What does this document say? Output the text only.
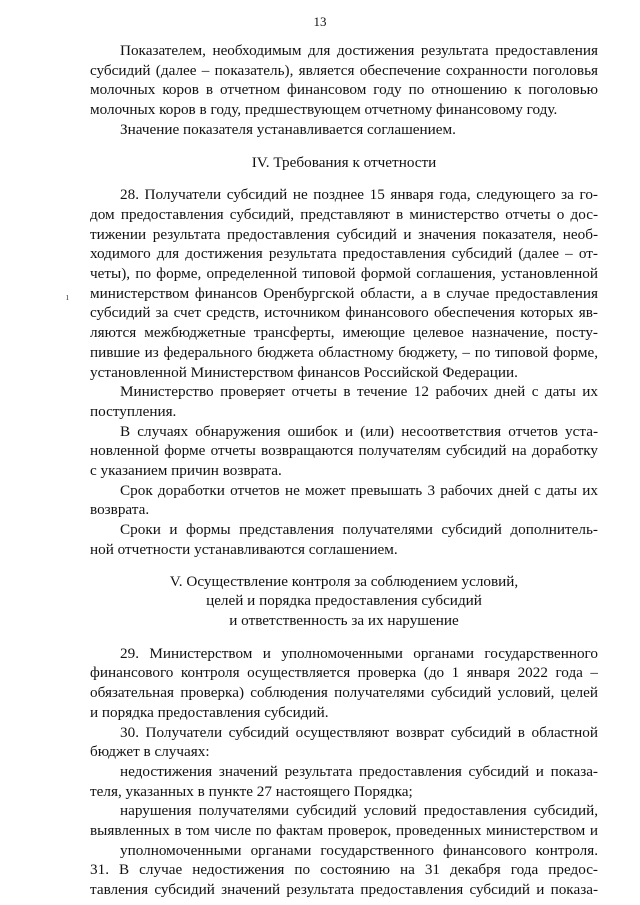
13
ı
Показателем, необходимым для достижения результата предоставления
субсидий (далее – показатель), является обеспечение сохранности поголовья
молочных коров в отчетном финансовом году по отношению к поголовью
молочных коров в году, предшествующем отчетному финансовому году.
Значение показателя устанавливается соглашением.
IV. Требования к отчетности
28. Получатели субсидий не позднее 15 января года, следующего за го-
дом предоставления субсидий, представляют в министерство отчеты о дос-
тижении результата предоставления субсидий и значения показателя, необ-
ходимого для достижения результата предоставления субсидий (далее – от-
четы), по форме, определенной типовой формой соглашения, установленной
министерством финансов Оренбургской области, а в случае предоставления
субсидий за счет средств, источником финансового обеспечения которых яв-
ляются межбюджетные трансферты, имеющие целевое назначение, посту-
пившие из федерального бюджета областному бюджету, – по типовой форме,
установленной Министерством финансов Российской Федерации.
Министерство проверяет отчеты в течение 12 рабочих дней с даты их
поступления.
В случаях обнаружения ошибок и (или) несоответствия отчетов уста-
новленной форме отчеты возвращаются получателям субсидий на доработку
с указанием причин возврата.
Срок доработки отчетов не может превышать 3 рабочих дней с даты их
возврата.
Сроки и формы представления получателями субсидий дополнитель-
ной отчетности устанавливаются соглашением.
V. Осуществление контроля за соблюдением условий,
целей и порядка предоставления субсидий
и ответственность за их нарушение
29. Министерством и уполномоченными органами государственного
финансового контроля осуществляется проверка (до 1 января 2022 года –
обязательная проверка) соблюдения получателями субсидий условий, целей
и порядка предоставления субсидий.
30. Получатели субсидий осуществляют возврат субсидий в областной
бюджет в случаях:
недостижения значений результата предоставления субсидий и показа-
теля, указанных в пункте 27 настоящего Порядка;
нарушения получателями субсидий условий предоставления субсидий,
выявленных в том числе по фактам проверок, проведенных министерством и
уполномоченными органами государственного финансового контроля.
31. В случае недостижения по состоянию на 31 декабря года предос-
тавления субсидий значений результата предоставления субсидий и показа-
